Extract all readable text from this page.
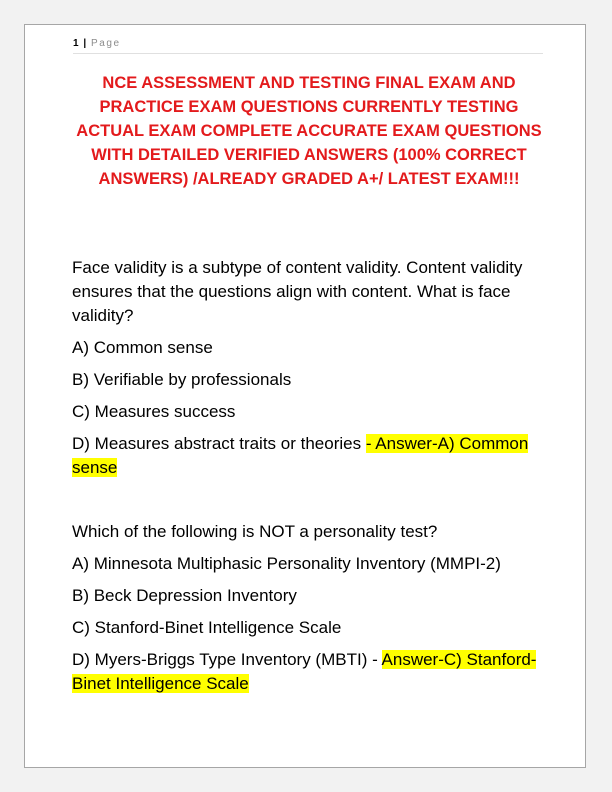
1 | Page
NCE ASSESSMENT AND TESTING FINAL EXAM AND PRACTICE EXAM QUESTIONS CURRENTLY TESTING ACTUAL EXAM COMPLETE ACCURATE EXAM QUESTIONS WITH DETAILED VERIFIED ANSWERS (100% CORRECT ANSWERS) /ALREADY GRADED A+/ LATEST EXAM!!!

Face validity is a subtype of content validity. Content validity ensures that the questions align with content. What is face validity?

A) Common sense

B) Verifiable by professionals

C) Measures success

D) Measures abstract traits or theories - Answer-A) Common sense

Which of the following is NOT a personality test?

A) Minnesota Multiphasic Personality Inventory (MMPI-2)

B) Beck Depression Inventory

C) Stanford-Binet Intelligence Scale

D) Myers-Briggs Type Inventory (MBTI) - Answer-C) Stanford-Binet Intelligence Scale
